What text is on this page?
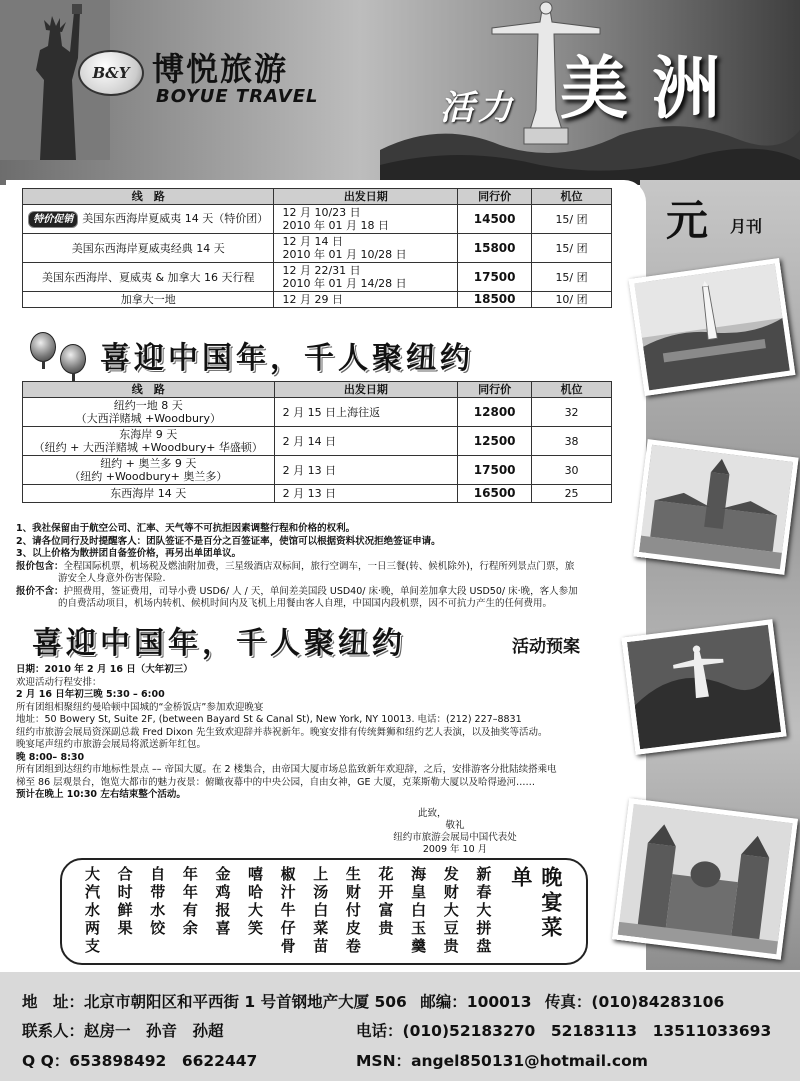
B&Y 博悦旅游
BOYUE TRAVEL	活力 美洲
元 月刊
线　路	出发日期	同行价	机位
特价促销 美国东西海岸夏威夷 14 天（特价团）	12 月 10/23 日
2010 年 01 月 18 日	14500	15/ 团
美国东西海岸夏威夷经典 14 天	12 月 14 日
2010 年 01 月 10/28 日	15800	15/ 团
美国东西海岸、夏威夷 & 加拿大 16 天行程	12 月 22/31 日
2010 年 01 月 14/28 日	17500	15/ 团
加拿大一地	12 月 29 日	18500	10/ 团
喜迎中国年，千人聚纽约
线　路	出发日期	同行价	机位

纽约一地 8 天
（大西洋赌城 +Woodbury）	2 月 15 日上海往返	12800	32

东海岸 9 天
（纽约 + 大西洋赌城 +Woodbury+ 华盛顿）	2 月 14 日	12500	38

纽约 + 奥兰多 9 天
（纽约 +Woodbury+ 奥兰多）	2 月 13 日	17500	30
东西海岸 14 天	2 月 13 日	16500	25
1、我社保留由于航空公司、汇率、天气等不可抗拒因素调整行程和价格的权利。
2、请各位同行及时提醒客人：团队签证不是百分之百签证率，使馆可以根据资料状况拒绝签证申请。
3、以上价格为散拼团自备签价格，再另出单团单议。
报价包含：全程国际机票，机场税及燃油附加费，三星级酒店双标间，旅行空调车，一日三餐(转、候机除外)，行程所列景点门票，旅
游安全人身意外伤害保险.
报价不含：护照费用，签证费用，司导小费 USD6/ 人 / 天，单间差美国段 USD40/ 床·晚，单间差加拿大段 USD50/ 床·晚，客人参加
的自费活动项目，机场内转机、候机时间内及飞机上用餐由客人自理，中国国内段机票，因不可抗力产生的任何费用。
喜迎中国年，千人聚纽约	活动预案
日期：2010 年 2 月 16 日（大年初三）
欢迎活动行程安排：
2 月 16 日年初三晚 5:30 – 6:00
所有团组相聚纽约曼哈顿中国城的“金桥饭店”参加欢迎晚宴
地址：50 Bowery St, Suite 2F, (between Bayard St & Canal St), New York, NY 10013. 电话：(212) 227–8831
纽约市旅游会展局资深副总裁 Fred Dixon 先生致欢迎辞并恭祝新年。晚宴安排有传统舞狮和纽约艺人表演，以及抽奖等活动。
晚宴尾声纽约市旅游会展局将派送新年红包。
晚 8:00– 8:30
所有团组到达纽约市地标性景点 –– 帝国大厦。在 2 楼集合，由帝国大厦市场总监致新年欢迎辞，之后，安排游客分批陆续搭乘电
梯至 86 层观景台，饱览大都市的魅力夜景：俯瞰夜幕中的中央公园，自由女神，GE 大厦，克莱斯勒大厦以及哈得逊河……
预计在晚上 10:30 左右结束整个活动。
此致，
敬礼
纽约市旅游会展局中国代表处
2009 年 10 月
大汽水两支 合时鲜果 自带水饺 年年有余 金鸡报喜 嘻哈大笑 椒汁牛仔骨 上汤白菜苗 生财付皮卷 花开富贵 海皇白玉羹 发财大豆贵 新春大拼盘	晚宴菜单
地　址：北京市朝阳区和平西街 1 号首钢地产大厦 506 邮编：100013 传真：(010)84283106
联系人：赵房一　孙音　孙超	电话：(010)52183270　52183113　13511033693
Q Q：653898492　6622447	MSN：angel850131@hotmail.com
